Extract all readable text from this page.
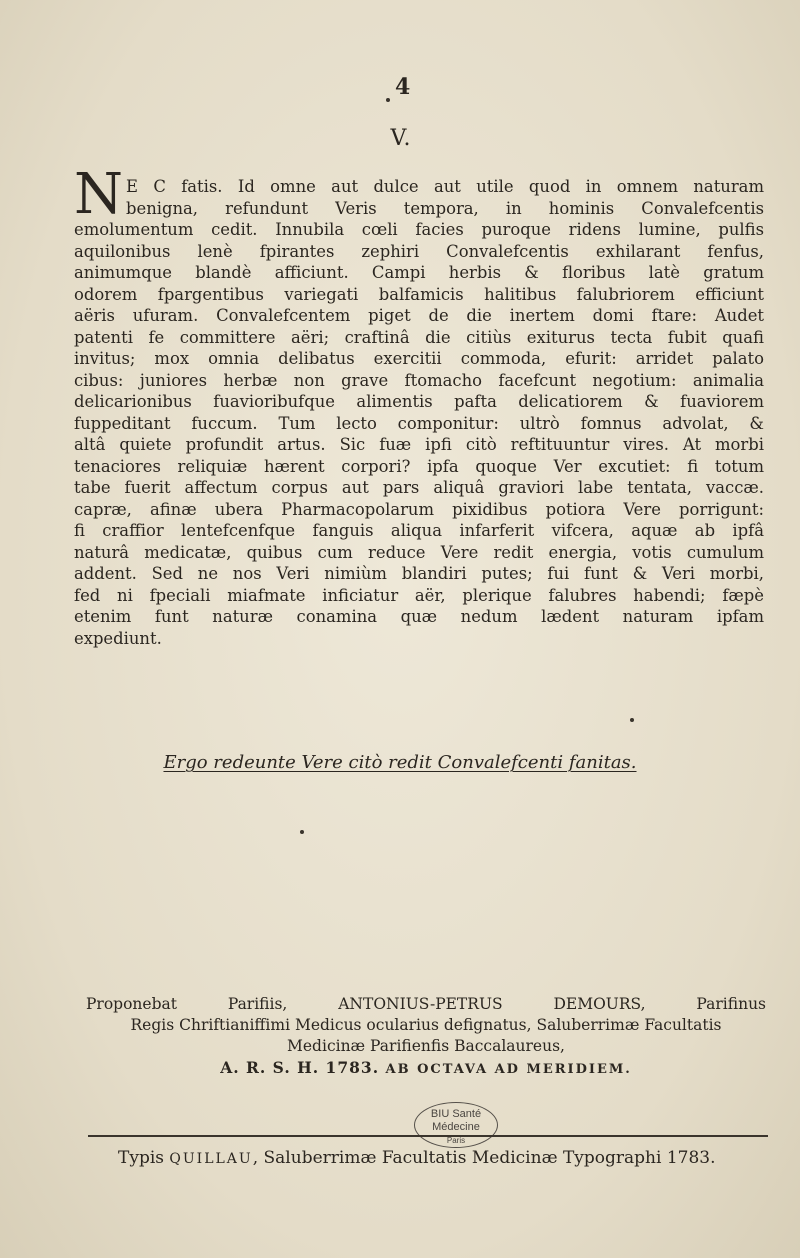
4
V.
N E C fatis. Id omne aut dulce aut utile quod in omnem naturam
benigna, refundunt Veris tempora, in hominis Convalefcentis
emolumentum cedit. Innubila cœli facies puroque ridens lumine, pulfis
aquilonibus lenè fpirantes zephiri Convalefcentis exhilarant fenfus,
animumque blandè afficiunt. Campi herbis & floribus latè gratum
odorem fpargentibus variegati balfamicis halitibus falubriorem efficiunt
aëris ufuram. Convalefcentem piget de die inertem domi ftare: Audet
patenti fe committere aëri; craftinâ die citiùs exiturus tecta fubit quafi
invitus; mox omnia delibatus exercitii commoda, efurit: arridet palato
cibus: juniores herbæ non grave ftomacho facefcunt negotium: animalia
delicarionibus fuavioribufque alimentis pafta delicatiorem & fuaviorem
fuppeditant fuccum. Tum lecto componitur: ultrò fomnus advolat, &
altâ quiete profundit artus. Sic fuæ ipfi citò reftituuntur vires. At morbi
tenaciores reliquiæ hærent corpori? ipfa quoque Ver excutiet: fi totum
tabe fuerit affectum corpus aut pars aliquâ graviori labe tentata, vaccæ.
capræ, afinæ ubera Pharmacopolarum pixidibus potiora Vere porrigunt:
fi craffior lentefcenfque fanguis aliqua infarferit vifcera, aquæ ab ipfâ
naturâ medicatæ, quibus cum reduce Vere redit energia, votis cumulum
addent. Sed ne nos Veri nimiùm blandiri putes; fui funt & Veri morbi,
fed ni fpeciali miafmate inficiatur aër, plerique falubres habendi; fæpè
etenim funt naturæ conamina quæ nedum lædent naturam ipfam
expediunt.
Ergo redeunte Vere citò redit Convalefcenti fanitas.
Proponebat Parifiis, ANTONIUS-PETRUS DEMOURS, Parifinus
Regis Chriftianiffimi Medicus ocularius defignatus, Saluberrimæ Facultatis
Medicinæ Parifienfis Baccalaureus,
A. R. S. H. 1783. AB OCTAVA AD MERIDIEM.
BIU Santé
Médecine
Paris
Typis QUILLAU, Saluberrimæ Facultatis Medicinæ Typographi 1783.
